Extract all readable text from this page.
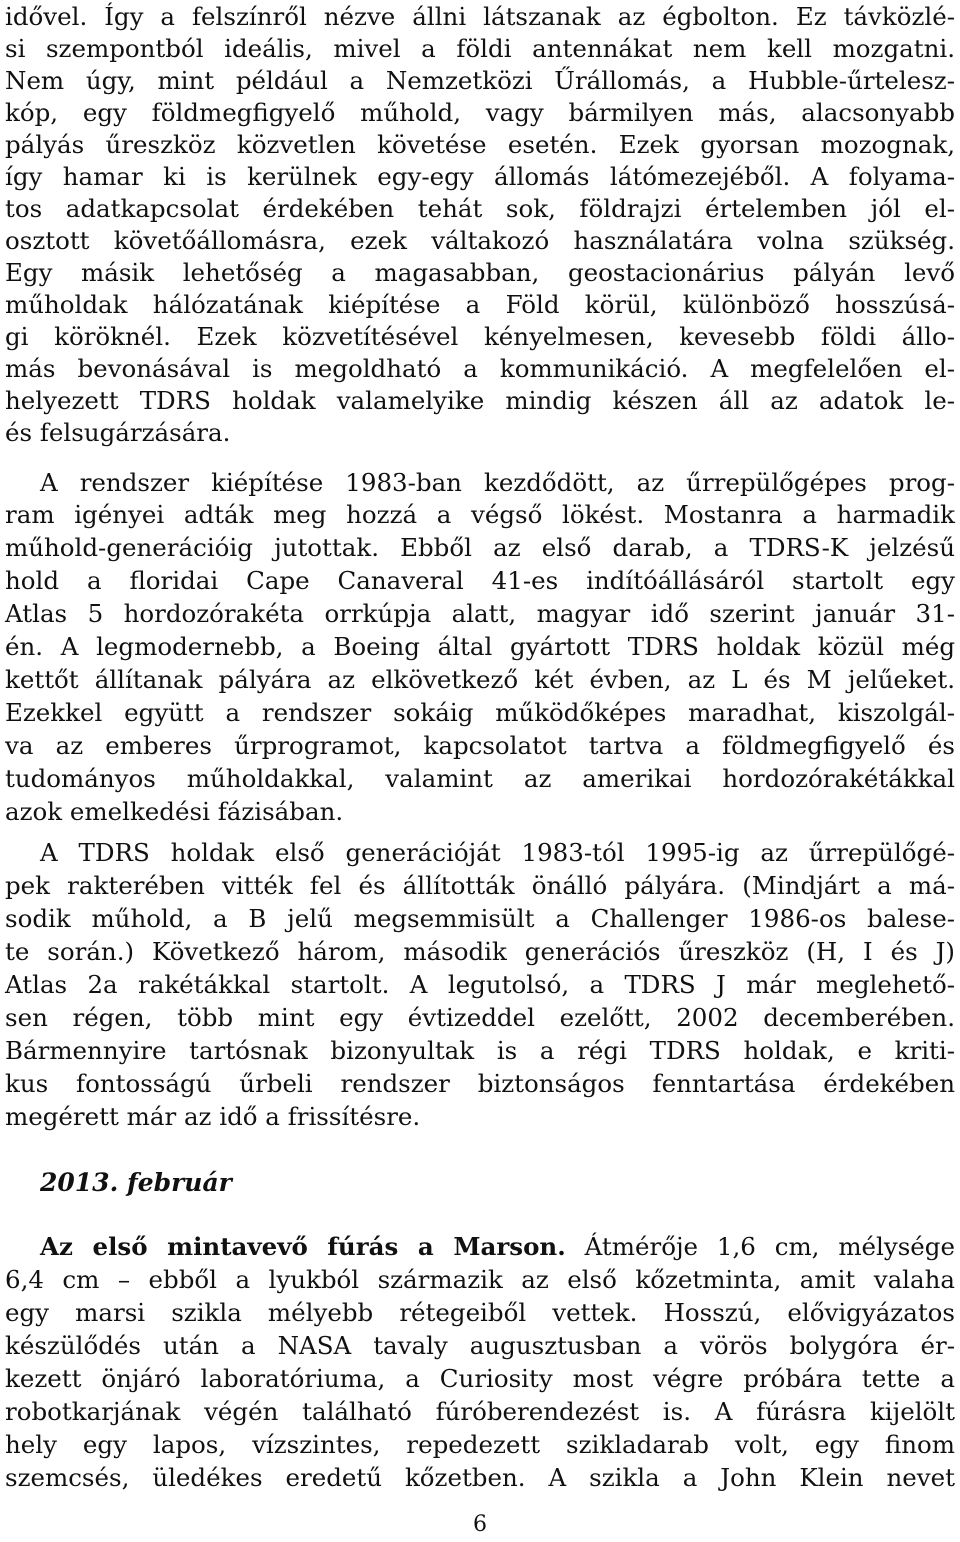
idővel. Így a felszínről nézve állni látszanak az égbolton. Ez távközlé-
si szempontból ideális, mivel a földi antennákat nem kell mozgatni.
Nem úgy, mint például a Nemzetközi Űrállomás, a Hubble-űrtelesz-
kóp, egy földmegfigyelő műhold, vagy bármilyen más, alacsonyabb
pályás űreszköz közvetlen követése esetén. Ezek gyorsan mozognak,
így hamar ki is kerülnek egy-egy állomás látómezejéből. A folyama-
tos adatkapcsolat érdekében tehát sok, földrajzi értelemben jól el-
osztott követőállomásra, ezek váltakozó használatára volna szükség.
Egy másik lehetőség a magasabban, geostacionárius pályán levő
műholdak hálózatának kiépítése a Föld körül, különböző hosszúsá-
gi köröknél. Ezek közvetítésével kényelmesen, kevesebb földi állo-
más bevonásával is megoldható a kommunikáció. A megfelelően el-
helyezett TDRS holdak valamelyike mindig készen áll az adatok le-
és felsugárzására.
A rendszer kiépítése 1983-ban kezdődött, az űrrepülőgépes prog-
ram igényei adták meg hozzá a végső lökést. Mostanra a harmadik
műhold-generációig jutottak. Ebből az első darab, a TDRS-K jelzésű
hold a floridai Cape Canaveral 41-es indítóállásáról startolt egy
Atlas 5 hordozórakéta orrkúpja alatt, magyar idő szerint január 31-
én. A legmodernebb, a Boeing által gyártott TDRS holdak közül még
kettőt állítanak pályára az elkövetkező két évben, az L és M jelűeket.
Ezekkel együtt a rendszer sokáig működőképes maradhat, kiszolgál-
va az emberes űrprogramot, kapcsolatot tartva a földmegfigyelő és
tudományos műholdakkal, valamint az amerikai hordozórakétákkal
azok emelkedési fázisában.
A TDRS holdak első generációját 1983-tól 1995-ig az űrrepülőgé-
pek rakterében vitték fel és állították önálló pályára. (Mindjárt a má-
sodik műhold, a B jelű megsemmisült a Challenger 1986-os balese-
te során.) Következő három, második generációs űreszköz (H, I és J)
Atlas 2a rakétákkal startolt. A legutolsó, a TDRS J már meglehető-
sen régen, több mint egy évtizeddel ezelőtt, 2002 decemberében.
Bármennyire tartósnak bizonyultak is a régi TDRS holdak, e kriti-
kus fontosságú űrbeli rendszer biztonságos fenntartása érdekében
megérett már az idő a frissítésre.
2013. február
Az első mintavevő fúrás a Marson. Átmérője 1,6 cm, mélysége
6,4 cm – ebből a lyukból származik az első kőzetminta, amit valaha
egy marsi szikla mélyebb rétegeiből vettek. Hosszú, elővigyázatos
készülődés után a NASA tavaly augusztusban a vörös bolygóra ér-
kezett önjáró laboratóriuma, a Curiosity most végre próbára tette a
robotkarjának végén található fúróberendezést is. A fúrásra kijelölt
hely egy lapos, vízszintes, repedezett szikladarab volt, egy finom
szemcsés, üledékes eredetű kőzetben. A szikla a John Klein nevet
6
